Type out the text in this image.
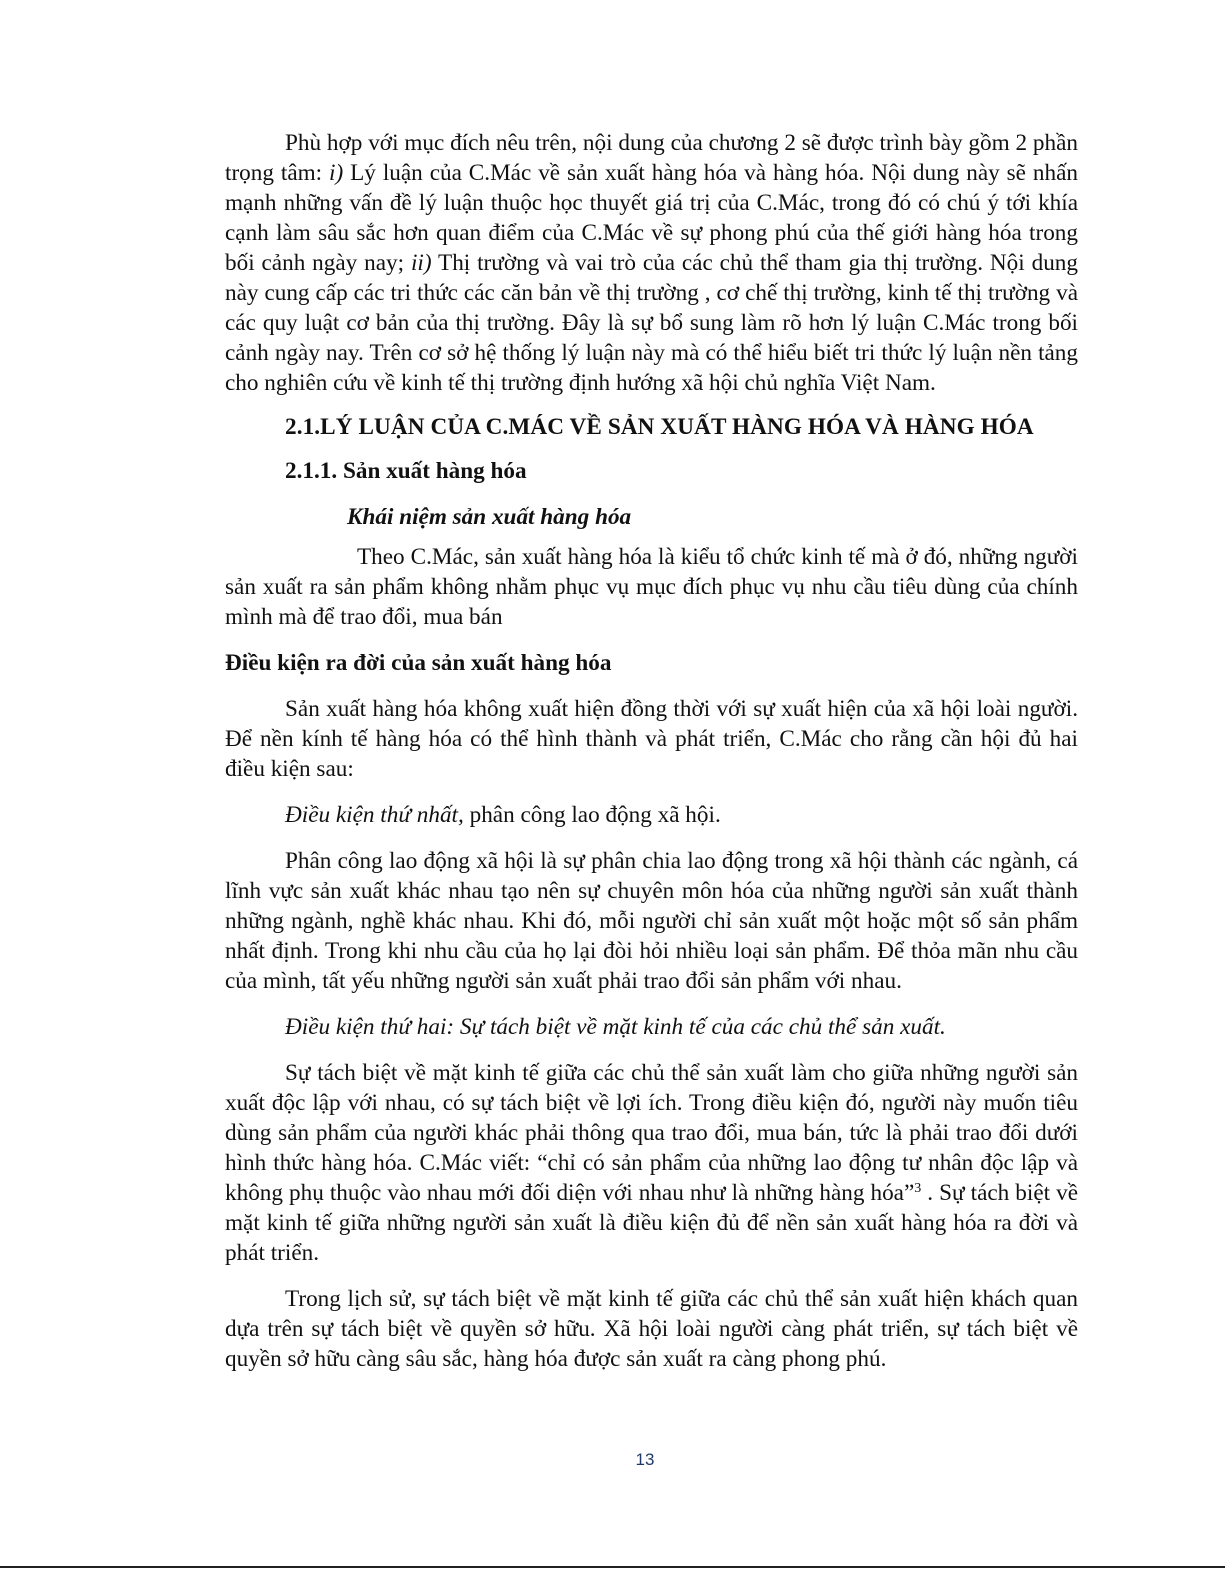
Phù hợp với mục đích nêu trên, nội dung của chương 2 sẽ được trình bày gồm 2 phần trọng tâm: i) Lý luận của C.Mác về sản xuất hàng hóa và hàng hóa. Nội dung này sẽ nhấn mạnh những vấn đề lý luận thuộc học thuyết giá trị của C.Mác, trong đó có chú ý tới khía cạnh làm sâu sắc hơn quan điểm của C.Mác về sự phong phú của thế giới hàng hóa trong bối cảnh ngày nay; ii) Thị trường và vai trò của các chủ thể tham gia thị trường. Nội dung này cung cấp các tri thức các căn bản về thị trường , cơ chế thị trường, kinh tế thị trường và các quy luật cơ bản của thị trường. Đây là sự bổ sung làm rõ hơn lý luận C.Mác trong bối cảnh ngày nay. Trên cơ sở hệ thống lý luận này mà có thể hiểu biết tri thức lý luận nền tảng cho nghiên cứu về kinh tế thị trường định hướng xã hội chủ nghĩa Việt Nam.

2.1.LÝ LUẬN CỦA C.MÁC VỀ SẢN XUẤT HÀNG HÓA VÀ HÀNG HÓA
2.1.1. Sản xuất hàng hóa
Khái niệm sản xuất hàng hóa

Theo C.Mác, sản xuất hàng hóa là kiểu tổ chức kinh tế mà ở đó, những người sản xuất ra sản phẩm không nhằm phục vụ mục đích phục vụ nhu cầu tiêu dùng của chính mình mà để trao đổi, mua bán

Điều kiện ra đời của sản xuất hàng hóa

Sản xuất hàng hóa không xuất hiện đồng thời với sự xuất hiện của xã hội loài người. Để nền kính tế hàng hóa có thể hình thành và phát triển, C.Mác cho rằng cần hội đủ hai điều kiện sau:

Điều kiện thứ nhất, phân công lao động xã hội.

Phân công lao động xã hội là sự phân chia lao động trong xã hội thành các ngành, cá lĩnh vực sản xuất khác nhau tạo nên sự chuyên môn hóa của những người sản xuất thành những ngành, nghề khác nhau. Khi đó, mỗi người chỉ sản xuất một hoặc một số sản phẩm nhất định. Trong khi nhu cầu của họ lại đòi hỏi nhiều loại sản phẩm. Để thỏa mãn nhu cầu của mình, tất yếu những người sản xuất phải trao đổi sản phẩm với nhau.

Điều kiện thứ hai: Sự tách biệt về mặt kinh tế của các chủ thể sản xuất.

Sự tách biệt về mặt kinh tế giữa các chủ thể sản xuất làm cho giữa những người sản xuất độc lập với nhau, có sự tách biệt về lợi ích. Trong điều kiện đó, người này muốn tiêu dùng sản phẩm của người khác phải thông qua trao đổi, mua bán, tức là phải trao đổi dưới hình thức hàng hóa. C.Mác viết: “chỉ có sản phẩm của những lao động tư nhân độc lập và không phụ thuộc vào nhau mới đối diện với nhau như là những hàng hóa”$^3$ . Sự tách biệt về mặt kinh tế giữa những người sản xuất là điều kiện đủ để nền sản xuất hàng hóa ra đời và phát triển.

Trong lịch sử, sự tách biệt về mặt kinh tế giữa các chủ thể sản xuất hiện khách quan dựa trên sự tách biệt về quyền sở hữu. Xã hội loài người càng phát triển, sự tách biệt về quyền sở hữu càng sâu sắc, hàng hóa được sản xuất ra càng phong phú.

13
